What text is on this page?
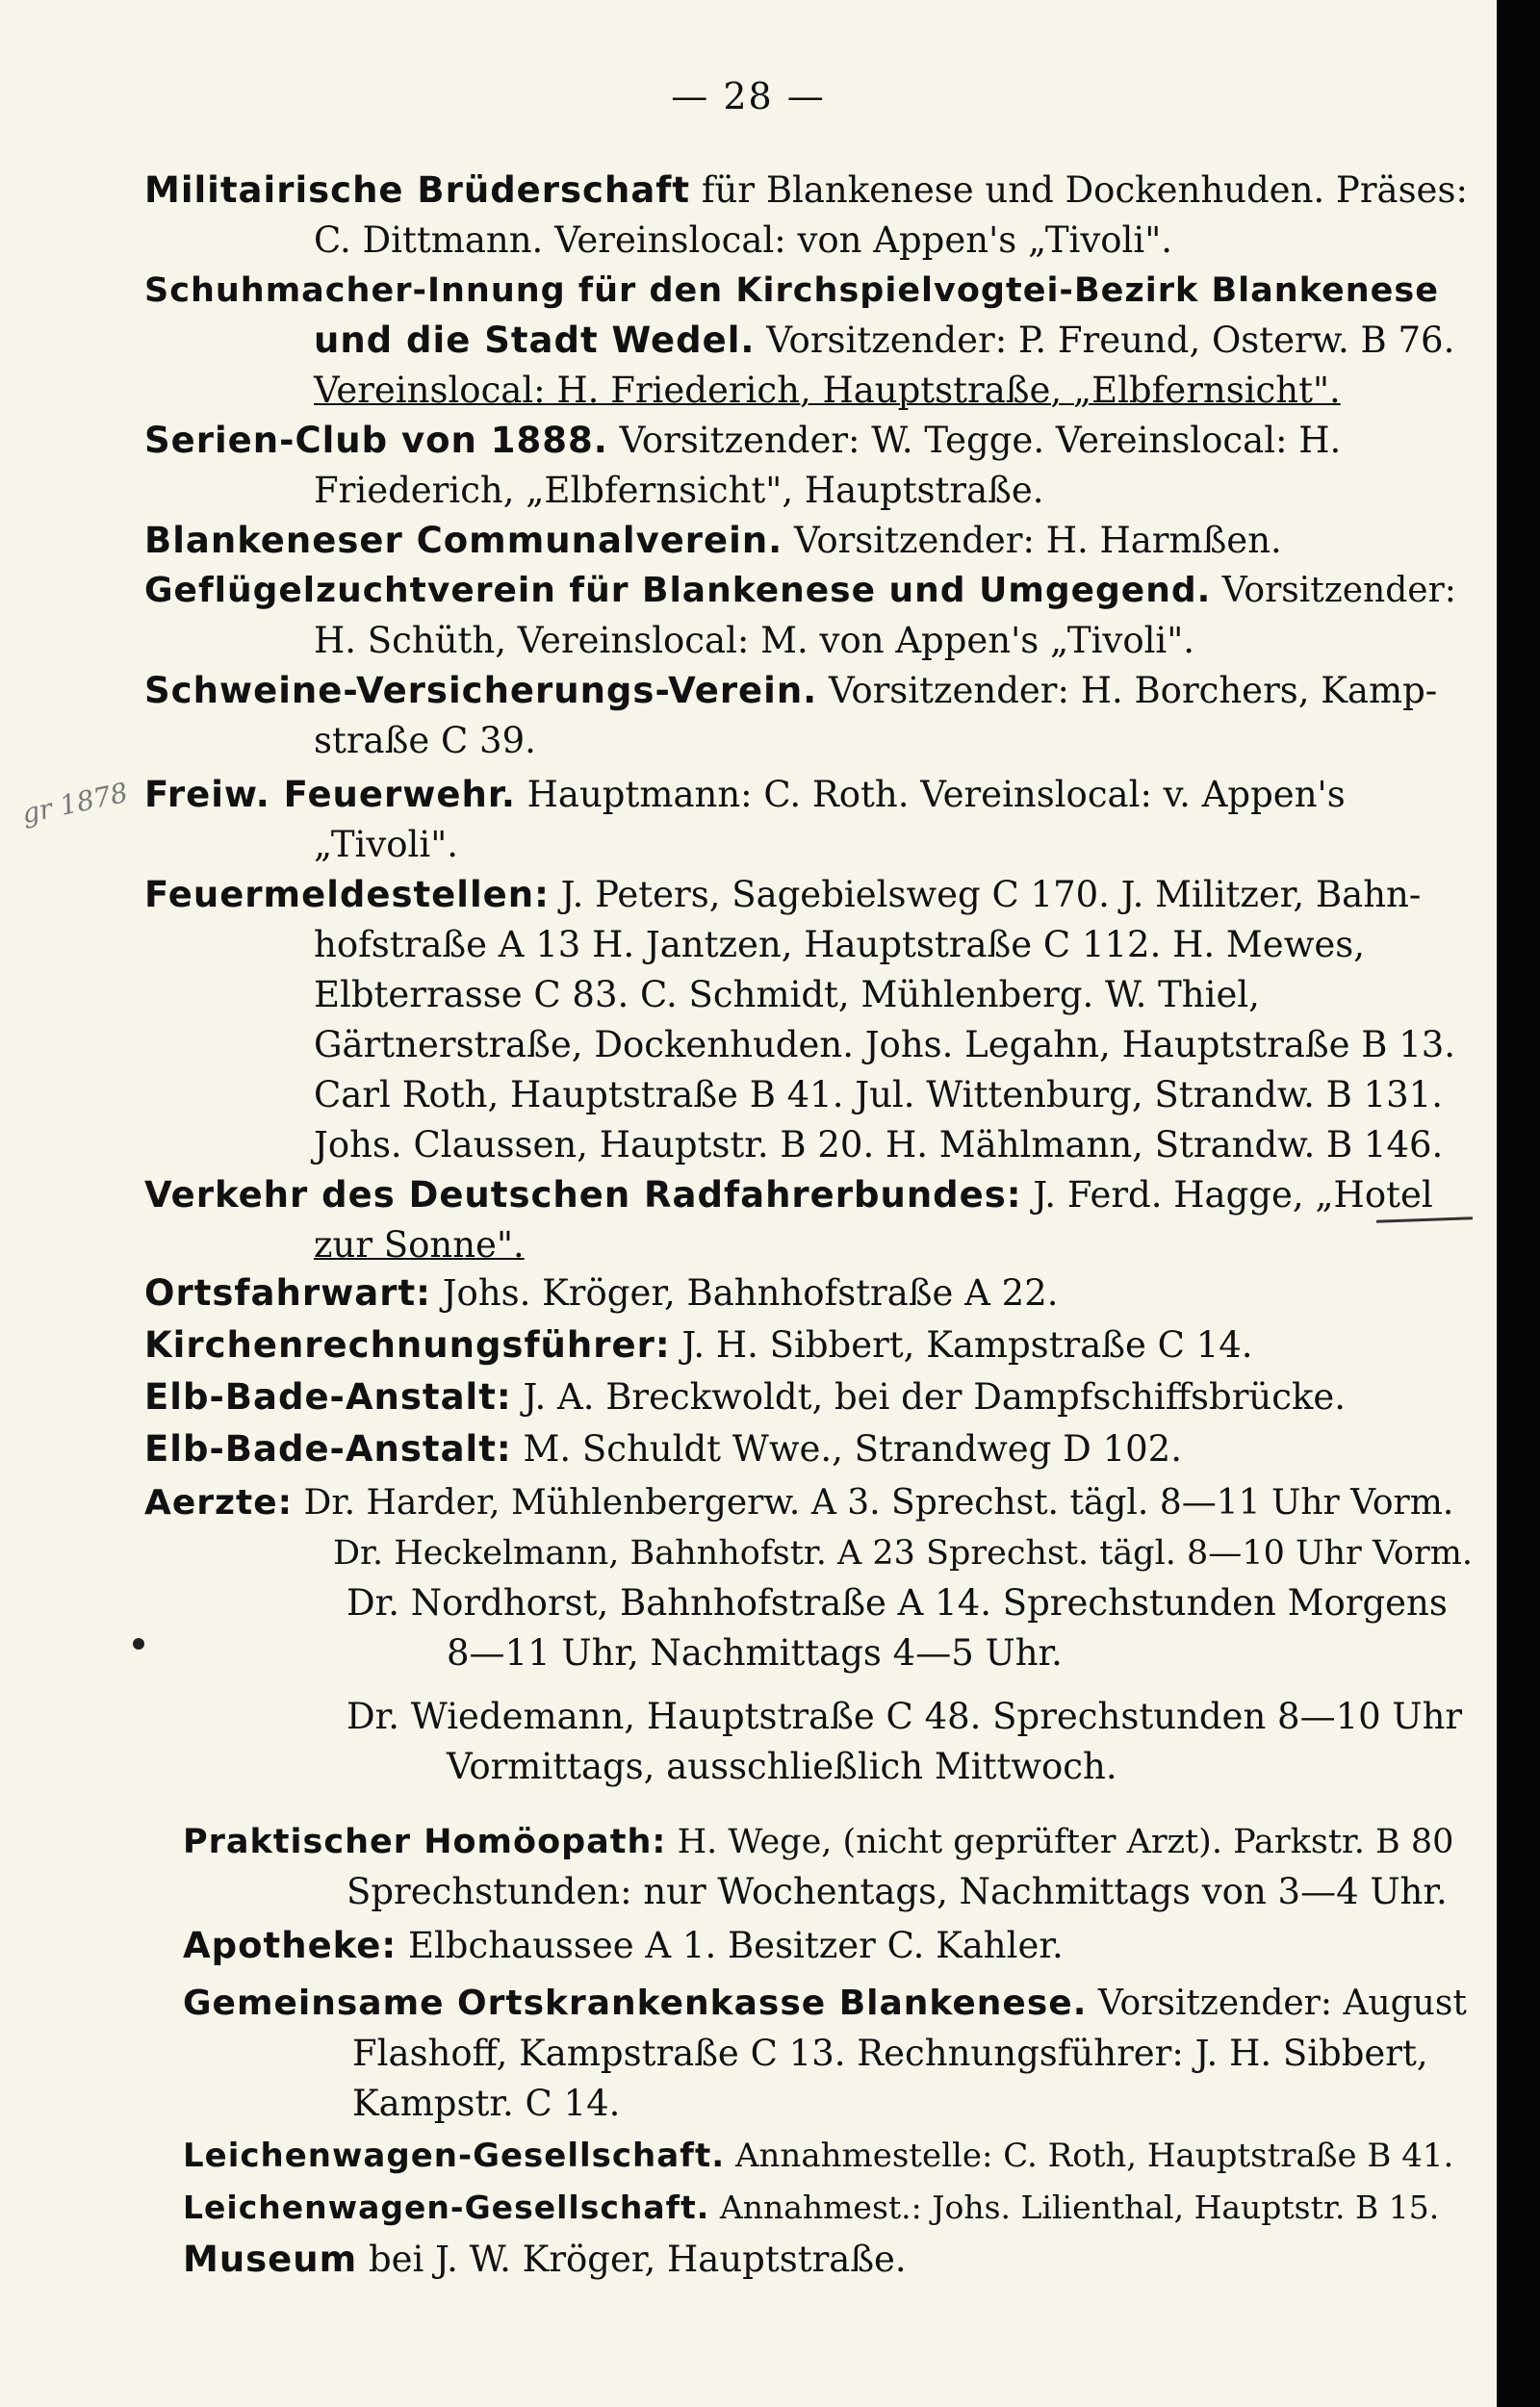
— 28 —
gr 1878
Militairische Brüderschaft für Blankenese und Dockenhuden. Präses:
C. Dittmann. Vereinslocal: von Appen's „Tivoli".
Schuhmacher-Innung für den Kirchspielvogtei-Bezirk Blankenese
und die Stadt Wedel. Vorsitzender: P. Freund, Osterw. B 76.
Vereinslocal: H. Friederich, Hauptstraße, „Elbfernsicht".
Serien-Club von 1888. Vorsitzender: W. Tegge. Vereinslocal: H.
Friederich, „Elbfernsicht", Hauptstraße.
Blankeneser Communalverein. Vorsitzender: H. Harmßen.
Geflügelzuchtverein für Blankenese und Umgegend. Vorsitzender:
H. Schüth, Vereinslocal: M. von Appen's „Tivoli".
Schweine-Versicherungs-Verein. Vorsitzender: H. Borchers, Kamp-
straße C 39.
Freiw. Feuerwehr. Hauptmann: C. Roth. Vereinslocal: v. Appen's
„Tivoli".
Feuermeldestellen: J. Peters, Sagebielsweg C 170. J. Militzer, Bahn-
hofstraße A 13 H. Jantzen, Hauptstraße C 112. H. Mewes,
Elbterrasse C 83. C. Schmidt, Mühlenberg. W. Thiel,
Gärtnerstraße, Dockenhuden. Johs. Legahn, Hauptstraße B 13.
Carl Roth, Hauptstraße B 41. Jul. Wittenburg, Strandw. B 131.
Johs. Claussen, Hauptstr. B 20. H. Mählmann, Strandw. B 146.
Verkehr des Deutschen Radfahrerbundes: J. Ferd. Hagge, „Hotel
zur Sonne".
Ortsfahrwart: Johs. Kröger, Bahnhofstraße A 22.
Kirchenrechnungsführer: J. H. Sibbert, Kampstraße C 14.
Elb-Bade-Anstalt: J. A. Breckwoldt, bei der Dampfschiffsbrücke.
Elb-Bade-Anstalt: M. Schuldt Wwe., Strandweg D 102.
Aerzte: Dr. Harder, Mühlenbergerw. A 3. Sprechst. tägl. 8—11 Uhr Vorm.
Dr. Heckelmann, Bahnhofstr. A 23 Sprechst. tägl. 8—10 Uhr Vorm.
Dr. Nordhorst, Bahnhofstraße A 14. Sprechstunden Morgens
8—11 Uhr, Nachmittags 4—5 Uhr.
Dr. Wiedemann, Hauptstraße C 48. Sprechstunden 8—10 Uhr
Vormittags, ausschließlich Mittwoch.
Praktischer Homöopath: H. Wege, (nicht geprüfter Arzt). Parkstr. B 80
Sprechstunden: nur Wochentags, Nachmittags von 3—4 Uhr.
Apotheke: Elbchaussee A 1. Besitzer C. Kahler.
Gemeinsame Ortskrankenkasse Blankenese. Vorsitzender: August
Flashoff, Kampstraße C 13. Rechnungsführer: J. H. Sibbert,
Kampstr. C 14.
Leichenwagen-Gesellschaft. Annahmestelle: C. Roth, Hauptstraße B 41.
Leichenwagen-Gesellschaft. Annahmest.: Johs. Lilienthal, Hauptstr. B 15.
Museum bei J. W. Kröger, Hauptstraße.
